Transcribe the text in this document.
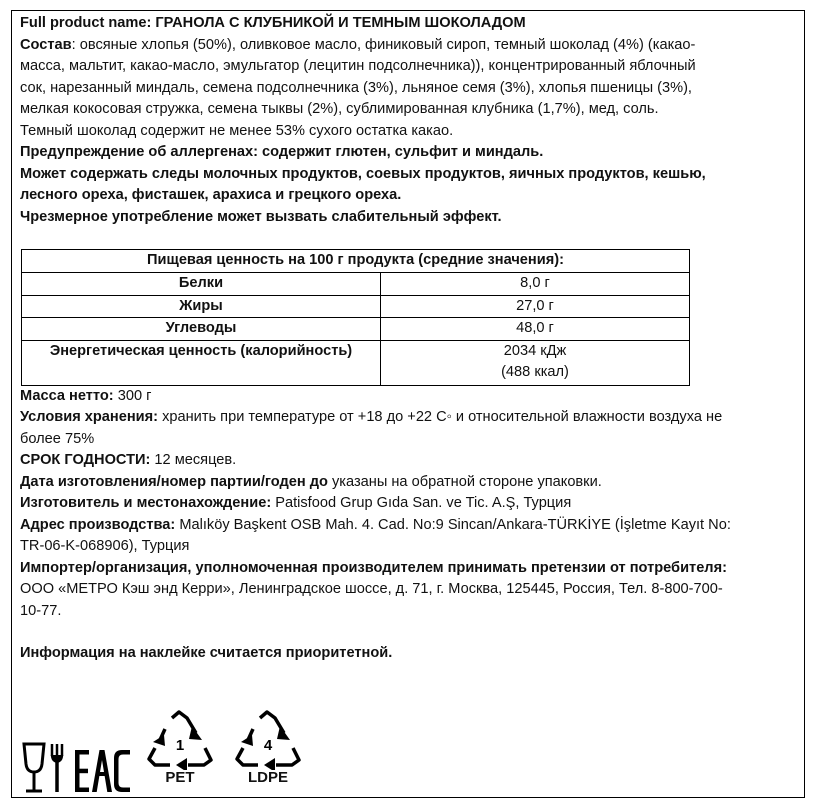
Full product name: ГРАНОЛА С КЛУБНИКОЙ И ТЕМНЫМ ШОКОЛАДОМ

Состав: овсяные хлопья (50%), оливковое масло, финиковый сироп, темный шоколад (4%) (какао-

масса, мальтит, какао-масло, эмульгатор (лецитин подсолнечника)), концентрированный яблочный

сок, нарезанный миндаль, семена подсолнечника (3%), льняное семя (3%), хлопья пшеницы (3%),

мелкая кокосовая стружка, семена тыквы (2%), сублимированная клубника (1,7%), мед, соль.

Темный шоколад содержит не менее 53% сухого остатка какао.

Предупреждение об аллергенах: содержит глютен, сульфит и миндаль.

Может содержать следы молочных продуктов, соевых продуктов, яичных продуктов, кешью,

лесного ореха, фисташек, арахиса и грецкого ореха.

Чрезмерное употребление может вызвать слабительный эффект.

Пищевая ценность на 100 г продукта (средние значения):	
Белки	8,0 г
Жиры	27,0 г
Углеводы	48,0 г
Энергетическая ценность (калорийность)	2034 кДж
(488 ккал)

Масса нетто: 300 г

Условия хранения: хранить при температуре от +18 до +22 С◦ и относительной влажности воздуха не

более 75%

СРОК ГОДНОСТИ: 12 месяцев.

Дата изготовления/номер партии/годен до указаны на обратной стороне упаковки.

Изготовитель и местонахождение: Patisfood Grup Gıda San. ve Tic. A.Ş, Турция

Адрес производства: Malıköy Başkent OSB Mah. 4. Cad. No:9 Sincan/Ankara-TÜRKİYE (İşletme Kayıt No:

TR-06-K-068906), Турция

Импортер/организация, уполномоченная производителем принимать претензии от потребителя:

ООО «МЕТРО Кэш энд Керри», Ленинградское шоссе, д. 71, г. Москва, 125445, Россия, Тел. 8-800-700-

10-77.

Информация на наклейке считается приоритетной.

1
PET
4
LDPE
